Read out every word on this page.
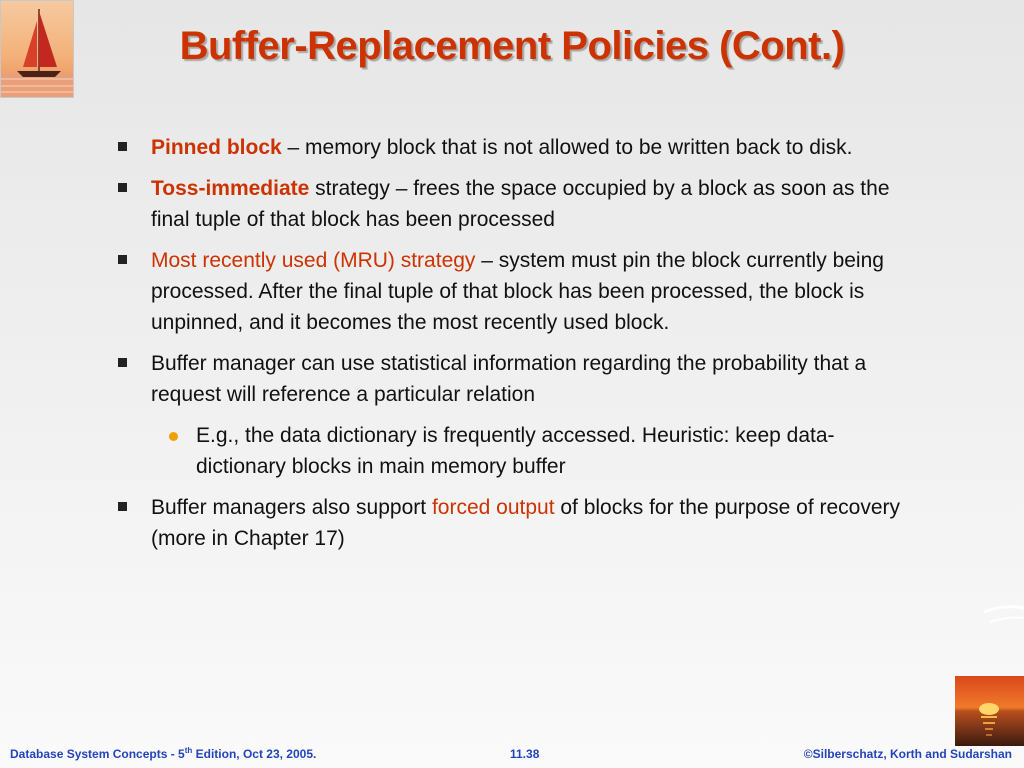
Buffer-Replacement Policies (Cont.)
Pinned block – memory block that is not allowed to be written back to disk.
Toss-immediate strategy – frees the space occupied by a block as soon as the final tuple of that block has been processed
Most recently used (MRU) strategy – system must pin the block currently being processed. After the final tuple of that block has been processed, the block is unpinned, and it becomes the most recently used block.
Buffer manager can use statistical information regarding the probability that a request will reference a particular relation
E.g., the data dictionary is frequently accessed. Heuristic: keep data-dictionary blocks in main memory buffer
Buffer managers also support forced output of blocks for the purpose of recovery (more in Chapter 17)
Database System Concepts - 5th Edition, Oct 23, 2005.	11.38	©Silberschatz, Korth and Sudarshan
